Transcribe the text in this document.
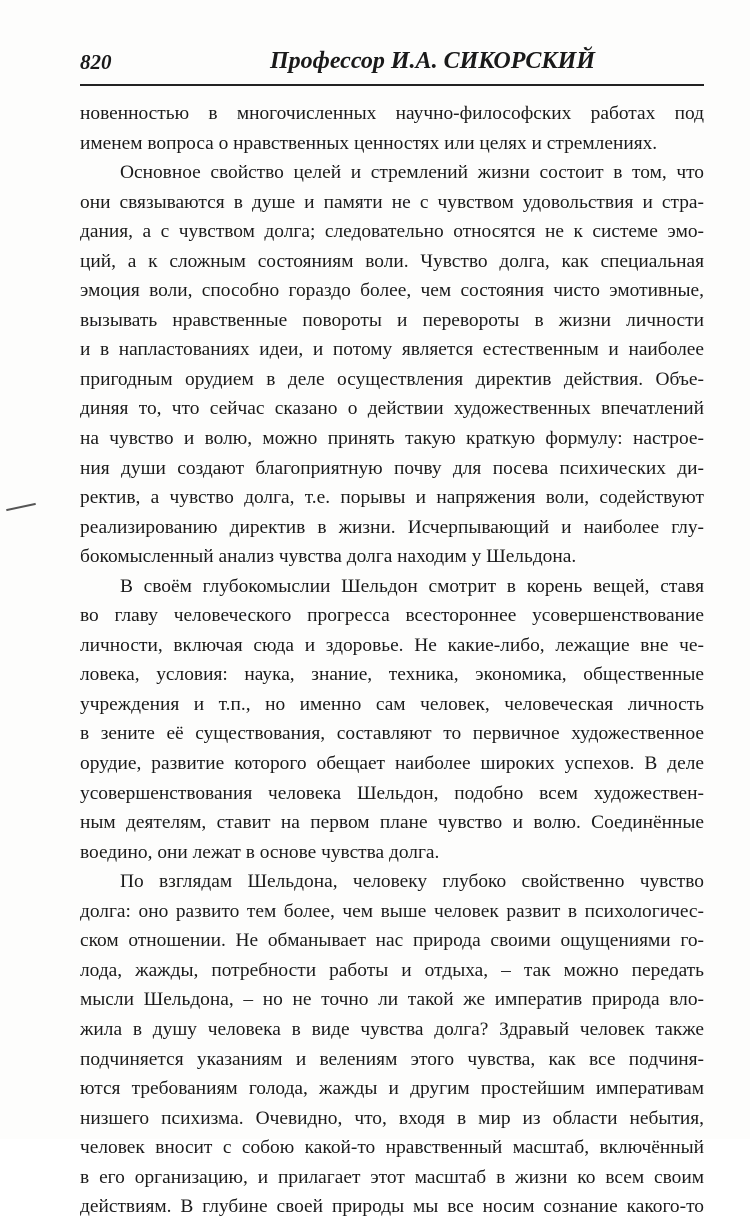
820	Профессор И.А. СИКОРСКИЙ
новенностью в многочисленных научно-философских работах под
именем вопроса о нравственных ценностях или целях и стремлениях.
Основное свойство целей и стремлений жизни состоит в том, что
они связываются в душе и памяти не с чувством удовольствия и стра-
дания, а с чувством долга; следовательно относятся не к системе эмо-
ций, а к сложным состояниям воли. Чувство долга, как специальная
эмоция воли, способно гораздо более, чем состояния чисто эмотивные,
вызывать нравственные повороты и перевороты в жизни личности
и в напластованиях идеи, и потому является естественным и наиболее
пригодным орудием в деле осуществления директив действия. Объе-
диняя то, что сейчас сказано о действии художественных впечатлений
на чувство и волю, можно принять такую краткую формулу: настрое-
ния души создают благоприятную почву для посева психических ди-
ректив, а чувство долга, т.е. порывы и напряжения воли, содействуют
реализированию директив в жизни. Исчерпывающий и наиболее глу-
бокомысленный анализ чувства долга находим у Шельдона.
В своём глубокомыслии Шельдон смотрит в корень вещей, ставя
во главу человеческого прогресса всестороннее усовершенствование
личности, включая сюда и здоровье. Не какие-либо, лежащие вне че-
ловека, условия: наука, знание, техника, экономика, общественные
учреждения и т.п., но именно сам человек, человеческая личность
в зените её существования, составляют то первичное художественное
орудие, развитие которого обещает наиболее широких успехов. В деле
усовершенствования человека Шельдон, подобно всем художествен-
ным деятелям, ставит на первом плане чувство и волю. Соединённые
воедино, они лежат в основе чувства долга.
По взглядам Шельдона, человеку глубоко свойственно чувство
долга: оно развито тем более, чем выше человек развит в психологичес-
ском отношении. Не обманывает нас природа своими ощущениями го-
лода, жажды, потребности работы и отдыха, – так можно передать
мысли Шельдона, – но не точно ли такой же императив природа вло-
жила в душу человека в виде чувства долга? Здравый человек также
подчиняется указаниям и велениям этого чувства, как все подчиня-
ются требованиям голода, жажды и другим простейшим императивам
низшего психизма. Очевидно, что, входя в мир из области небытия,
человек вносит с собою какой-то нравственный масштаб, включённый
в его организацию, и прилагает этот масштаб в жизни ко всем своим
действиям. В глубине своей природы мы все носим сознание какого-то
